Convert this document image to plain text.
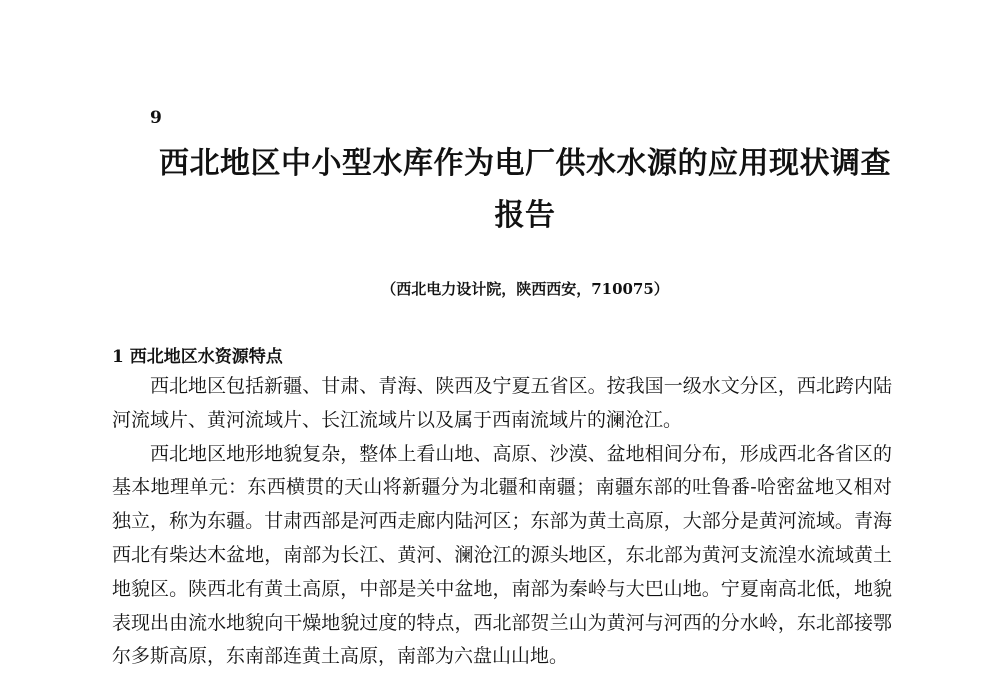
9
西北地区中小型水库作为电厂供水水源的应用现状调查报告
（西北电力设计院，陕西西安，710075）
1 西北地区水资源特点

西北地区包括新疆、甘肃、青海、陕西及宁夏五省区。按我国一级水文分区，西北跨内陆河流域片、黄河流域片、长江流域片以及属于西南流域片的澜沧江。

西北地区地形地貌复杂，整体上看山地、高原、沙漠、盆地相间分布，形成西北各省区的基本地理单元：东西横贯的天山将新疆分为北疆和南疆；南疆东部的吐鲁番-哈密盆地又相对独立，称为东疆。甘肃西部是河西走廊内陆河区；东部为黄土高原，大部分是黄河流域。青海西北有柴达木盆地，南部为长江、黄河、澜沧江的源头地区，东北部为黄河支流湟水流域黄土地貌区。陕西北有黄土高原，中部是关中盆地，南部为秦岭与大巴山地。宁夏南高北低，地貌表现出由流水地貌向干燥地貌过度的特点，西北部贺兰山为黄河与河西的分水岭，东北部接鄂尔多斯高原，东南部连黄土高原，南部为六盘山山地。
